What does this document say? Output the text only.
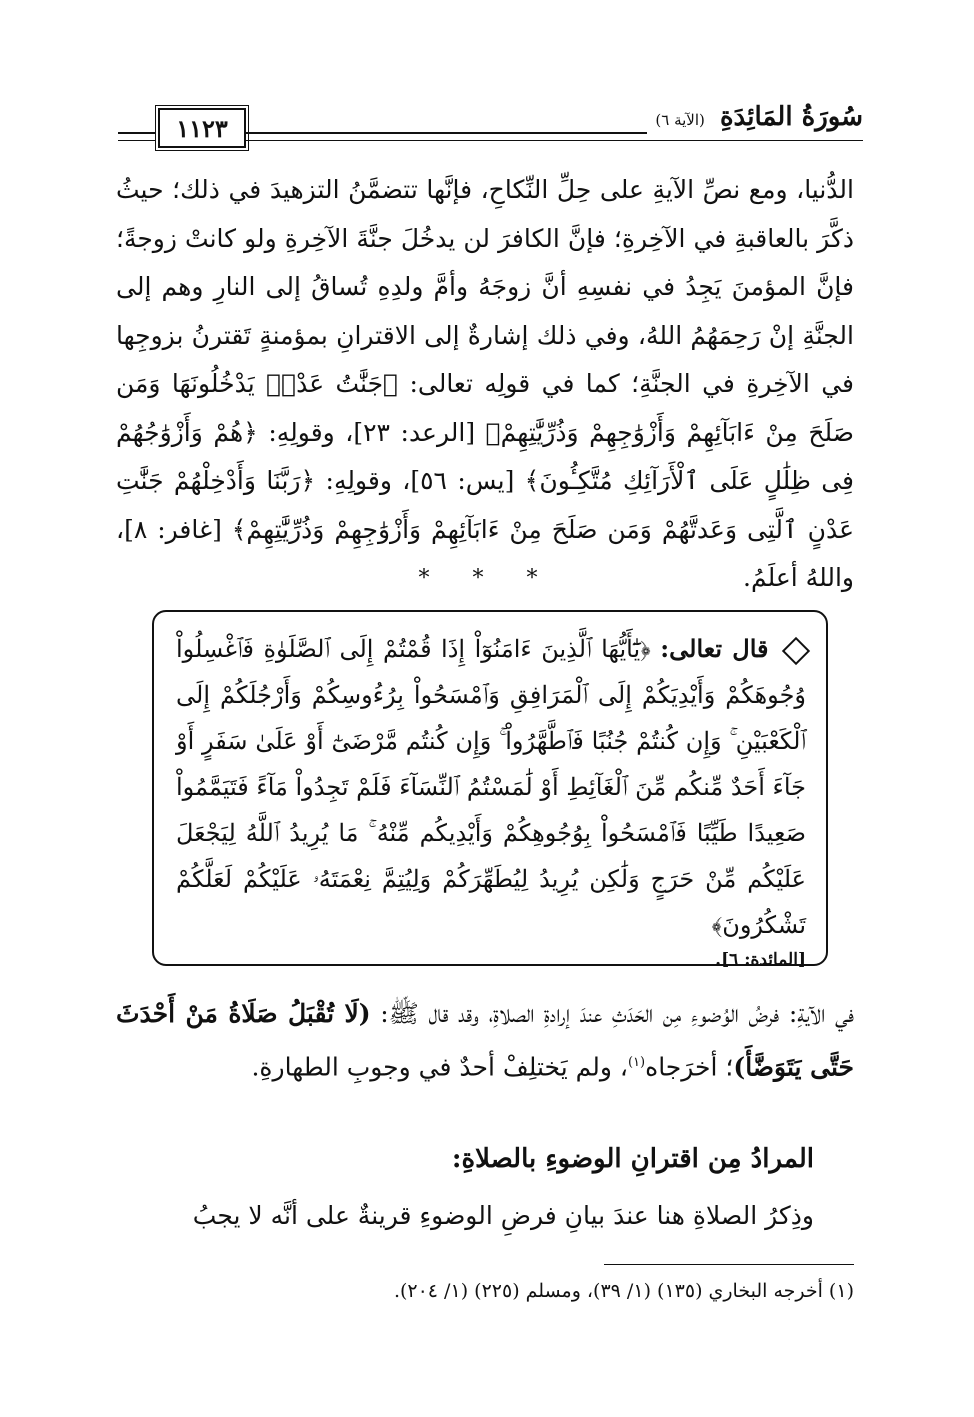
١١٢٣	سُورَةُ المَائِدَةِ (الآية ٦)
الدُّنيا، ومع نصِّ الآيةِ على حِلِّ النِّكاحِ، فإنَّها تتضمَّنُ التزهيدَ في ذلك؛ حيثُ ذكَّرَ بالعاقبةِ في الآخِرةِ؛ فإنَّ الكافرَ لن يدخُلَ جنَّةَ الآخِرةِ ولو كانتْ زوجةً؛ فإنَّ المؤمنَ يَجِدُ في نفسِهِ أنَّ زوجَهُ وأمَّ ولدِهِ تُساقُ إلى النارِ وهم إلى الجنَّةِ إنْ رَحِمَهُمُ اللهُ، وفي ذلك إشارةٌ إلى الاقترانِ بمؤمنةٍ تَقترنُ بزوجِها في الآخِرةِ في الجنَّةِ؛ كما في قولِه تعالى: ﴿جَنَّٰتُ عَدْنٖ يَدْخُلُونَهَا وَمَن صَلَحَ مِنْ ءَابَآئِهِمْ وَأَزْوَٰجِهِمْ وَذُرِّيَّٰتِهِمْ﴾ [الرعد: ٢٣]، وقولِهِ: ﴿هُمْ وَأَزْوَٰجُهُمْ فِى ظِلَٰلٍ عَلَى ٱلْأَرَآئِكِ مُتَّكِـُٔونَ﴾ [يس: ٥٦]، وقولِهِ: ﴿رَبَّنَا وَأَدْخِلْهُمْ جَنَّٰتِ عَدْنٍ ٱلَّتِى وَعَدتَّهُمْ وَمَن صَلَحَ مِنْ ءَابَآئِهِمْ وَأَزْوَٰجِهِمْ وَذُرِّيَّٰتِهِمْ﴾ [غافر: ٨]، واللهُ أعلَمُ.
* * *
قال تعالى: ﴿يَٰٓأَيُّهَا ٱلَّذِينَ ءَامَنُوٓاْ إِذَا قُمْتُمْ إِلَى ٱلصَّلَوٰةِ فَٱغْسِلُواْ وُجُوهَكُمْ وَأَيْدِيَكُمْ إِلَى ٱلْمَرَافِقِ وَٱمْسَحُواْ بِرُءُوسِكُمْ وَأَرْجُلَكُمْ إِلَى ٱلْكَعْبَيْنِ ۚ وَإِن كُنتُمْ جُنُبًا فَٱطَّهَّرُواْ ۚ وَإِن كُنتُم مَّرْضَىٰٓ أَوْ عَلَىٰ سَفَرٍ أَوْ جَآءَ أَحَدٌ مِّنكُم مِّنَ ٱلْغَآئِطِ أَوْ لَٰمَسْتُمُ ٱلنِّسَآءَ فَلَمْ تَجِدُواْ مَآءً فَتَيَمَّمُواْ صَعِيدًا طَيِّبًا فَٱمْسَحُواْ بِوُجُوهِكُمْ وَأَيْدِيكُم مِّنْهُ ۚ مَا يُرِيدُ ٱللَّهُ لِيَجْعَلَ عَلَيْكُم مِّنْ حَرَجٍ وَلَٰكِن يُرِيدُ لِيُطَهِّرَكُمْ وَلِيُتِمَّ نِعْمَتَهُۥ عَلَيْكُمْ لَعَلَّكُمْ تَشْكُرُونَ﴾
[المائدة: ٦].
في الآيةِ: فرضُ الوُضوءِ مِن الحَدَثِ عندَ إرادةِ الصلاةِ، وقد قال ﷺ: (لَا تُقْبَلُ صَلَاةُ مَنْ أَحْدَثَ حَتَّى يَتَوَضَّأَ)؛ أخرَجاه$^{(١)}$، ولم يَختلِفْ أحدٌ في وجوبِ الطهارةِ.
المرادُ مِن اقترانِ الوضوءِ بالصلاةِ:
وذِكرُ الصلاةِ هنا عندَ بيانِ فرضِ الوضوءِ قرينةٌ على أنَّه لا يجبُ
(١) أخرجه البخاري (١٣٥) (١/ ٣٩)، ومسلم (٢٢٥) (١/ ٢٠٤).
